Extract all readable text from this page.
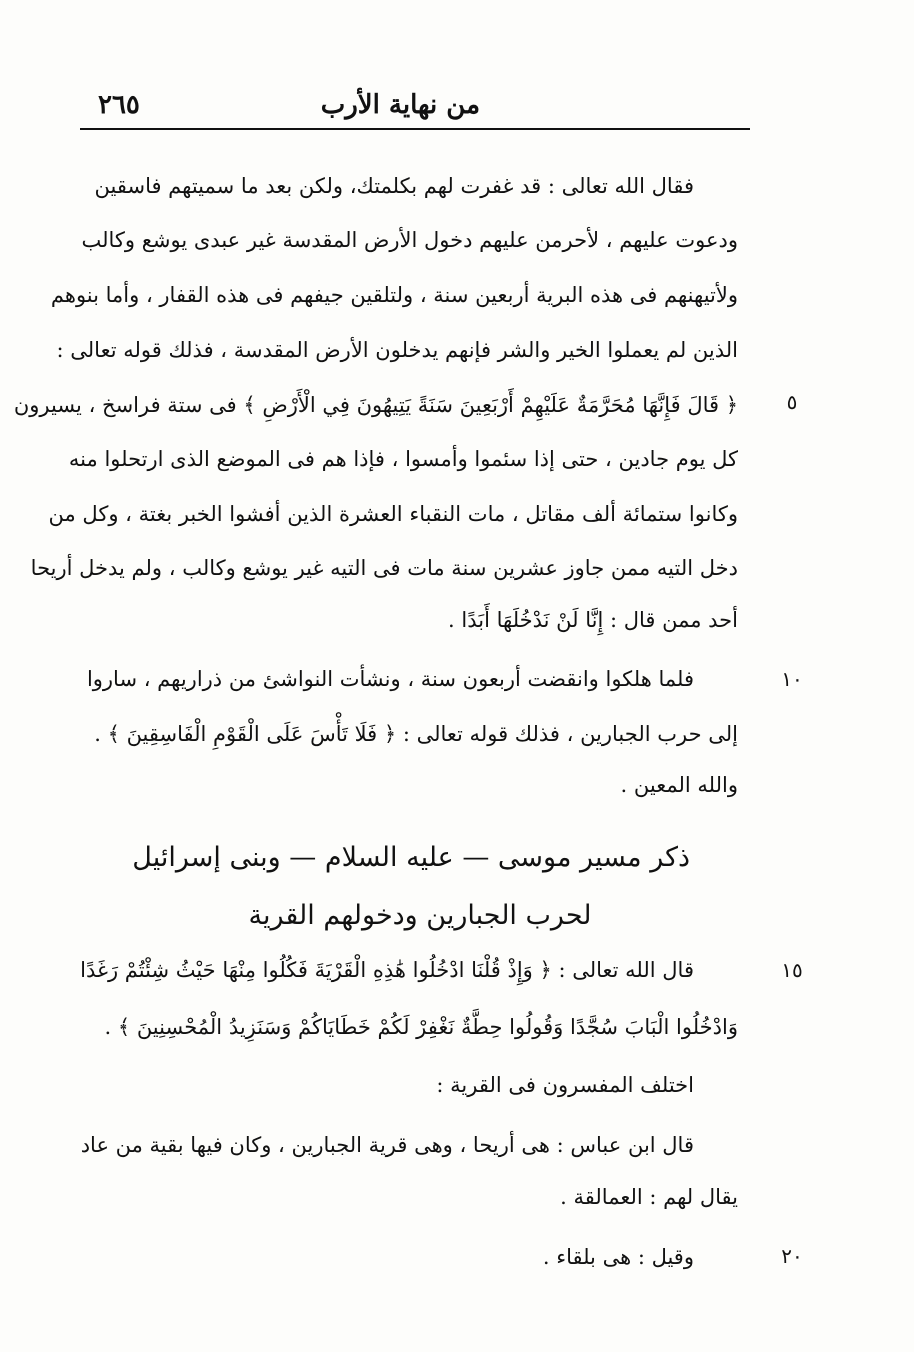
من نهاية الأرب
٢٦٥
فقال الله تعالى : قد غفرت لهم بكلمتك، ولكن بعد ما سميتهم فاسقين
ودعوت عليهم ، لأحرمن عليهم دخول الأرض المقدسة غير عبدى يوشع وكالب
ولأتيهنهم فى هذه البرية أربعين سنة ، ولتلقين جيفهم فى هذه القفار ، وأما بنوهم
الذين لم يعملوا الخير والشر فإنهم يدخلون الأرض المقدسة ، فذلك قوله تعالى :
﴿ قَالَ فَإِنَّهَا مُحَرَّمَةٌ عَلَيْهِمْ أَرْبَعِينَ سَنَةً يَتِيهُونَ فِي الْأَرْضِ ﴾ فى ستة فراسخ ، يسيرون
كل يوم جادين ، حتى إذا سئموا وأمسوا ، فإذا هم فى الموضع الذى ارتحلوا منه
وكانوا ستمائة ألف مقاتل ، مات النقباء العشرة الذين أفشوا الخبر بغتة ، وكل من
دخل التيه ممن جاوز عشرين سنة مات فى التيه غير يوشع وكالب ، ولم يدخل أريحا
أحد ممن قال : إِنَّا لَنْ نَدْخُلَهَا أَبَدًا .
فلما هلكوا وانقضت أربعون سنة ، ونشأت النواشئ من ذراريهم ، ساروا
إلى حرب الجبارين ، فذلك قوله تعالى : ﴿ فَلَا تَأْسَ عَلَى الْقَوْمِ الْفَاسِقِينَ ﴾ .
والله المعين .
ذكر مسير موسى — عليه السلام — وبنى إسرائيل
لحرب الجبارين ودخولهم القرية
قال الله تعالى : ﴿ وَإِذْ قُلْنَا ادْخُلُوا هَٰذِهِ الْقَرْيَةَ فَكُلُوا مِنْهَا حَيْثُ شِئْتُمْ رَغَدًا
وَادْخُلُوا الْبَابَ سُجَّدًا وَقُولُوا حِطَّةٌ نَغْفِرْ لَكُمْ خَطَايَاكُمْ وَسَنَزِيدُ الْمُحْسِنِينَ ﴾ .
اختلف المفسرون فى القرية :
قال ابن عباس : هى أريحا ، وهى قرية الجبارين ، وكان فيها بقية من عاد
يقال لهم : العمالقة .
وقيل : هى بلقاء .
٥
١٠
١٥
٢٠
